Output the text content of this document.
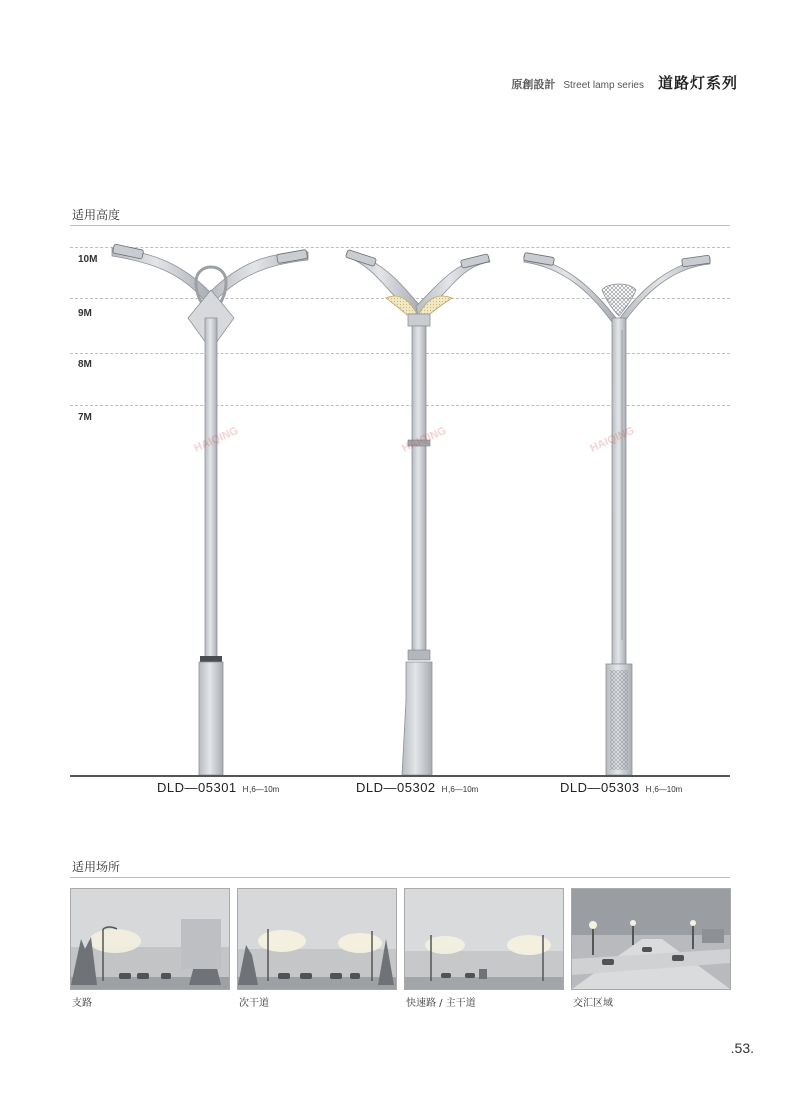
原創設計 Street lamp series 道路灯系列
适用高度
10M
9M
8M
7M
HAIQING	HAIQING	HAIQING
DLD—05301 H ,6—10m	DLD—05302 H ,6—10m	DLD—05303 H ,6—10m
适用场所
支路	次干道	快速路 / 主干道	交汇区域
.53.
